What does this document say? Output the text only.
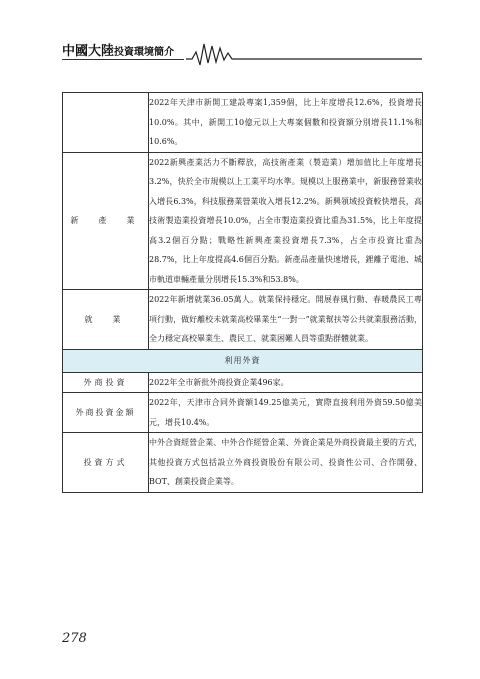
中國大陸投資環境簡介
	2022年天津市新開工建設專案1,359個，比上年度增長12.6%，投資增長10.0%。其中，新開工10億元以上大專案個數和投資額分別增長11.1%和10.6%。
新　產　業	2022新興產業活力不斷釋放，高技術產業（製造業）增加值比上年度增長3.2%，快於全市規模以上工業平均水準。規模以上服務業中，新服務營業收入增長6.3%，科技服務業營業收入增長12.2%。新興領域投資較快增長，高技術製造業投資增長10.0%，占全市製造業投資比重為31.5%，比上年度提高3.2個百分點；戰略性新興產業投資增長7.3%，占全市投資比重為28.7%，比上年度提高4.6個百分點。新產品產量快速增長，鋰離子電池、城市軌道車輛產量分別增長15.3%和53.8%。
就　業	2022年新增就業36.05萬人。就業保持穩定。開展春風行動、春暖農民工專項行動，做好離校未就業高校畢業生“一對一”就業幫扶等公共就業服務活動，全力穩定高校畢業生、農民工、就業困難人員等重點群體就業。
利用外資	
外商投資	2022年全市新批外商投資企業496家。
外商投資金額	2022年，天津市合同外資額149.25億美元，實際直接利用外資59.50億美元，增長10.4%。
投資方式	中外合資經營企業、中外合作經營企業、外資企業是外商投資最主要的方式，其他投資方式包括設立外商投資股份有限公司、投資性公司、合作開發、BOT、創業投資企業等。
278
